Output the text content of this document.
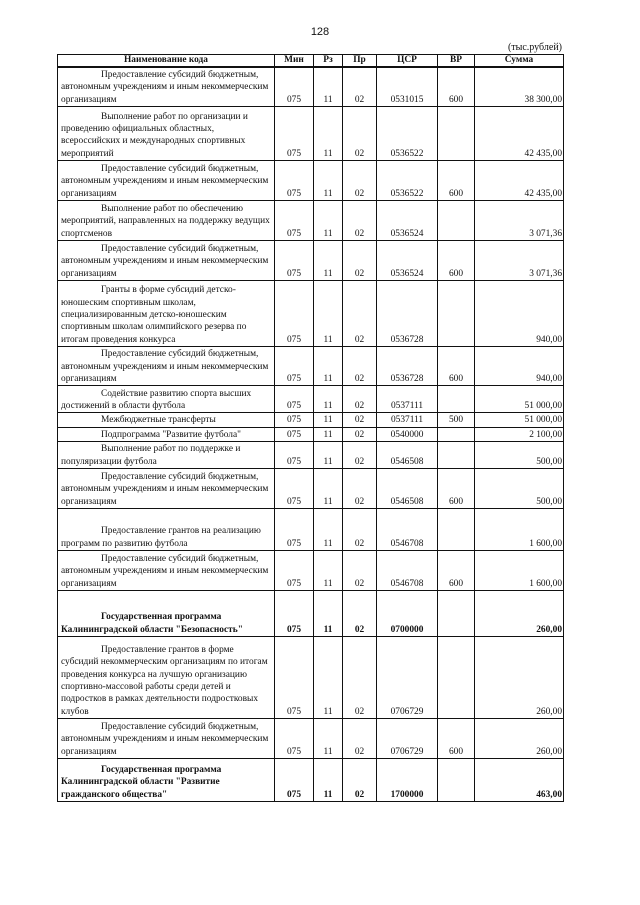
128
(тыс.рублей)
Наименование кода	Мин	Рз	Пр	ЦСР	ВР	Сумма
Предоставление субсидий бюджетным, автономным учреждениям и иным некоммерческим организациям	075	11	02	0531015	600	38 300,00
Выполнение работ по организации и проведению официальных областных, всероссийских и международных спортивных мероприятий	075	11	02	0536522		42 435,00
Предоставление субсидий бюджетным, автономным учреждениям и иным некоммерческим организациям	075	11	02	0536522	600	42 435,00
Выполнение работ по обеспечению мероприятий, направленных на поддержку ведущих спортсменов	075	11	02	0536524		3 071,36
Предоставление субсидий бюджетным, автономным учреждениям и иным некоммерческим организациям	075	11	02	0536524	600	3 071,36
Гранты в форме субсидий детско-юношеским спортивным школам, специализированным детско-юношеским спортивным школам олимпийского резерва по итогам проведения конкурса	075	11	02	0536728		940,00
Предоставление субсидий бюджетным, автономным учреждениям и иным некоммерческим организациям	075	11	02	0536728	600	940,00
Содействие развитию спорта высших достижений в области футбола	075	11	02	0537111		51 000,00
Межбюджетные трансферты	075	11	02	0537111	500	51 000,00
Подпрограмма "Развитие футбола"	075	11	02	0540000		2 100,00
Выполнение работ по поддержке и популяризации футбола	075	11	02	0546508		500,00
Предоставление субсидий бюджетным, автономным учреждениям и иным некоммерческим организациям	075	11	02	0546508	600	500,00
Предоставление грантов на реализацию программ по развитию футбола	075	11	02	0546708		1 600,00
Предоставление субсидий бюджетным, автономным учреждениям и иным некоммерческим организациям	075	11	02	0546708	600	1 600,00
Государственная программа Калининградской области "Безопасность"	075	11	02	0700000		260,00
Предоставление грантов в форме субсидий некоммерческим организациям по итогам проведения конкурса на лучшую организацию спортивно-массовой работы среди детей и подростков в рамках деятельности подростковых клубов	075	11	02	0706729		260,00
Предоставление субсидий бюджетным, автономным учреждениям и иным некоммерческим организациям	075	11	02	0706729	600	260,00
Государственная программа Калининградской области "Развитие гражданского общества"	075	11	02	1700000		463,00
